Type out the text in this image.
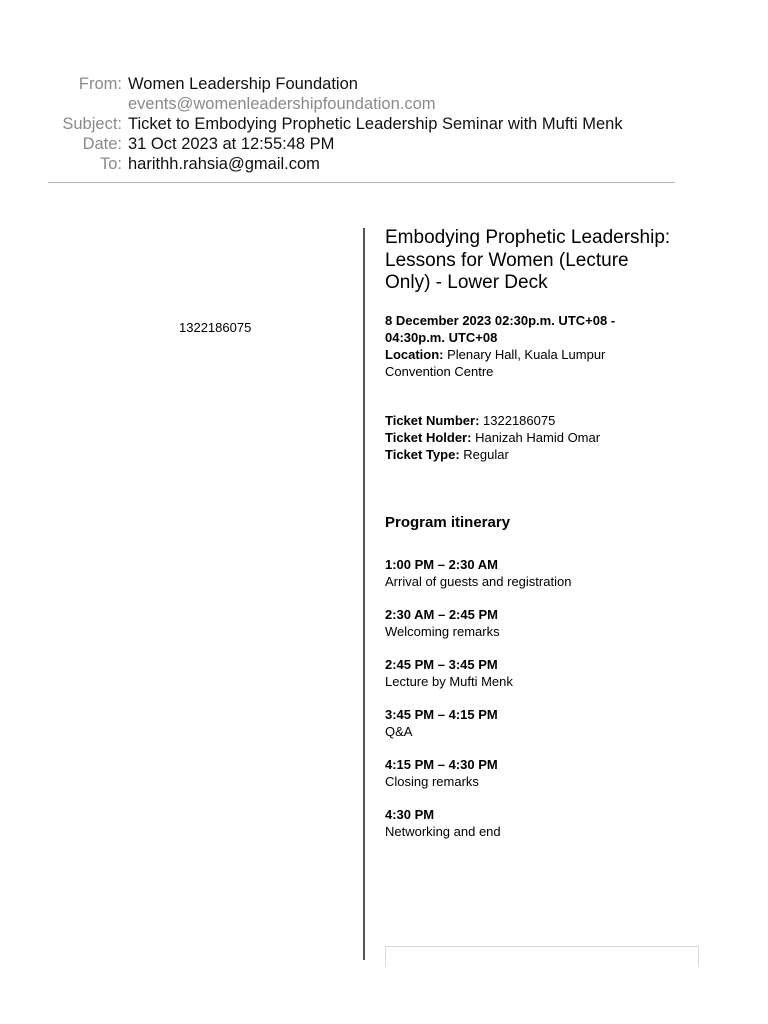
From: Women Leadership Foundation
events@womenleadershipfoundation.com
Subject: Ticket to Embodying Prophetic Leadership Seminar with Mufti Menk
Date: 31 Oct 2023 at 12:55:48 PM
To: harithh.rahsia@gmail.com
1322186075
Embodying Prophetic Leadership: Lessons for Women (Lecture Only) - Lower Deck
8 December 2023 02:30p.m. UTC+08 - 04:30p.m. UTC+08
Location: Plenary Hall, Kuala Lumpur Convention Centre
Ticket Number: 1322186075
Ticket Holder: Hanizah Hamid Omar
Ticket Type: Regular
Program itinerary
1:00 PM – 2:30 AM
Arrival of guests and registration
2:30 AM – 2:45 PM
Welcoming remarks
2:45 PM – 3:45 PM
Lecture by Mufti Menk
3:45 PM – 4:15 PM
Q&A
4:15 PM – 4:30 PM
Closing remarks
4:30 PM
Networking and end
